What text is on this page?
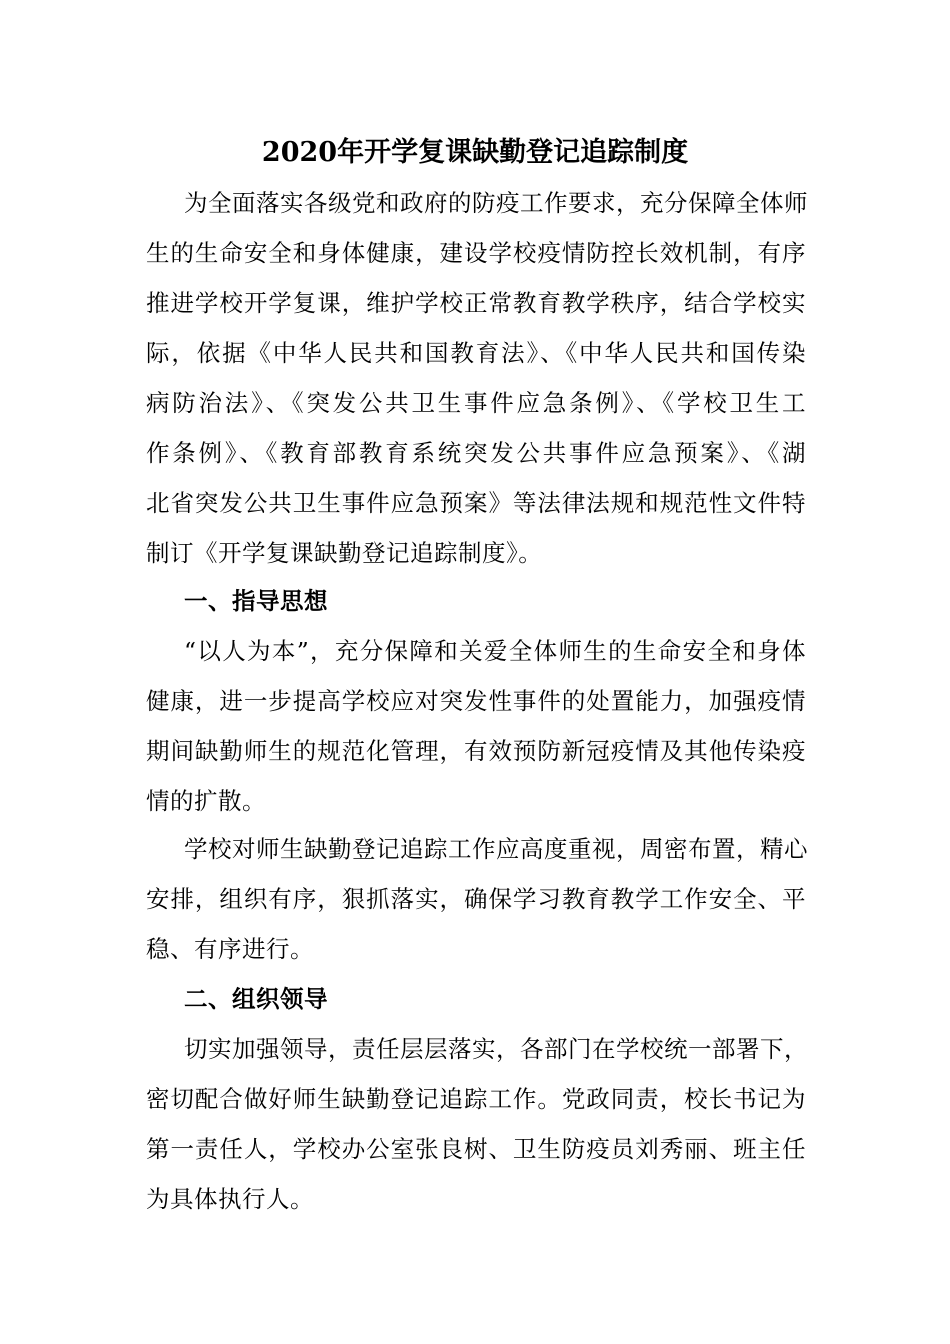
2020年开学复课缺勤登记追踪制度
为全面落实各级党和政府的防疫工作要求，充分保障全体师
生的生命安全和身体健康，建设学校疫情防控长效机制，有序
推进学校开学复课，维护学校正常教育教学秩序，结合学校实
际，依据《中华人民共和国教育法》、《中华人民共和国传染
病防治法》、《突发公共卫生事件应急条例》、《学校卫生工
作条例》、《教育部教育系统突发公共事件应急预案》、《湖
北省突发公共卫生事件应急预案》等法律法规和规范性文件特
制订《开学复课缺勤登记追踪制度》。
一、指导思想
“以人为本”，充分保障和关爱全体师生的生命安全和身体
健康，进一步提高学校应对突发性事件的处置能力，加强疫情
期间缺勤师生的规范化管理，有效预防新冠疫情及其他传染疫
情的扩散。
学校对师生缺勤登记追踪工作应高度重视，周密布置，精心
安排，组织有序，狠抓落实，确保学习教育教学工作安全、平
稳、有序进行。
二、组织领导
切实加强领导，责任层层落实，各部门在学校统一部署下，
密切配合做好师生缺勤登记追踪工作。党政同责，校长书记为
第一责任人，学校办公室张良树、卫生防疫员刘秀丽、班主任
为具体执行人。
